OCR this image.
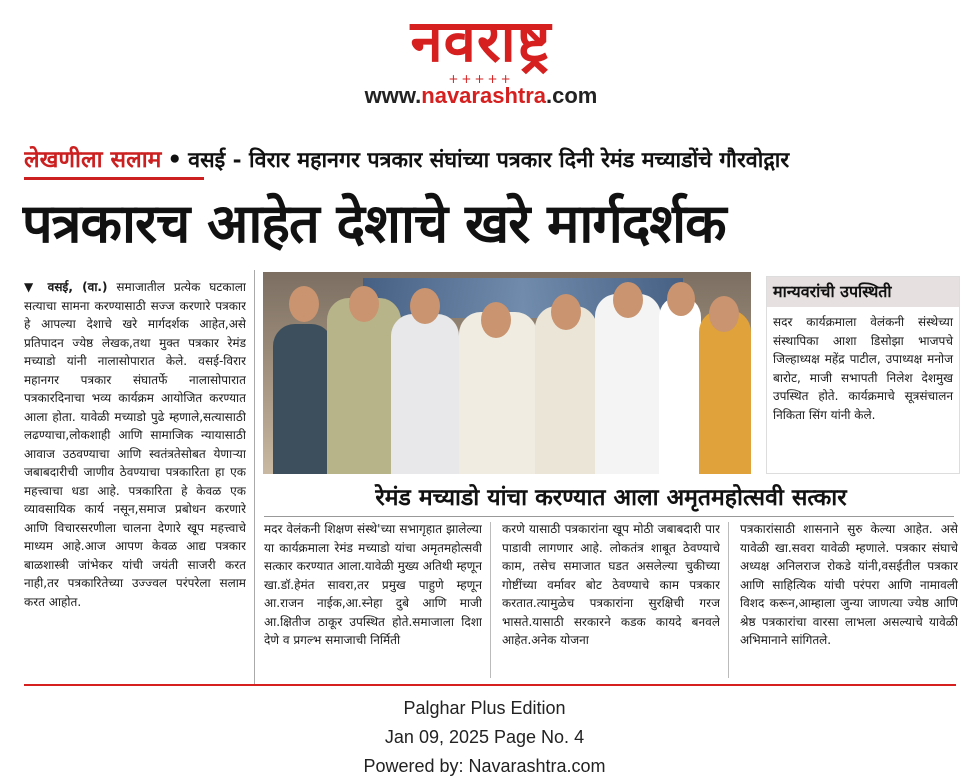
नवराष्ट्र
+++++
www.navarashtra.com
लेखणीला सलाम • वसई - विरार महानगर पत्रकार संघांच्या पत्रकार दिनी रेमंड मच्याडोंचे गौरवोद्गार
पत्रकारच आहेत देशाचे खरे मार्गदर्शक
▼ वसई, (वा.) समाजातील प्रत्येक घटकाला सत्याचा सामना करण्यासाठी सज्ज करणारे पत्रकार हे आपल्या देशाचे खरे मार्गदर्शक आहेत,असे प्रतिपादन ज्येष्ठ लेखक,तथा मुक्त पत्रकार रेमंड मच्याडो यांनी नालासोपारात केले. वसई-विरार महानगर पत्रकार संघातर्फे नालासोपारात पत्रकारदिनाचा भव्य कार्यक्रम आयोजित करण्यात आला होता. यावेळी मच्याडो पुढे म्हणाले,सत्यासाठी लढण्याचा,लोकशाही आणि सामाजिक न्यायासाठी आवाज उठवण्याचा आणि स्वतंत्रतेसोबत येणाऱ्या जबाबदारीची जाणीव ठेवण्याचा पत्रकारिता हा एक महत्त्वाचा धडा आहे. पत्रकारिता हे केवळ एक व्यावसायिक कार्य नसून,समाज प्रबोधन करणारे आणि विचारसरणीला चालना देणारे खूप महत्त्वाचे माध्यम आहे.आज आपण केवळ आद्य पत्रकार बाळशास्त्री जांभेकर यांची जयंती साजरी करत नाही,तर पत्रकारितेच्या उज्ज्वल परंपरेला सलाम करत आहोत.
मान्यवरांची उपस्थिती
सदर कार्यक्रमाला वेलंकनी संस्थेच्या संस्थापिका आशा डिसोझा भाजपचे जिल्हाध्यक्ष महेंद्र पाटील, उपाध्यक्ष मनोज बारोट, माजी सभापती निलेश देशमुख उपस्थित होते. कार्यक्रमाचे सूत्रसंचालन निकिता सिंग यांनी केले.
रेमंड मच्याडो यांचा करण्यात आला अमृतमहोत्सवी सत्कार
मदर वेलंकनी शिक्षण संस्थे'च्या सभागृहात झालेल्या या कार्यक्रमाला रेमंड मच्याडो यांचा अमृतमहोत्सवी सत्कार करण्यात आला.यावेळी मुख्य अतिथी म्हणून खा.डॉ.हेमंत सावरा,तर प्रमुख पाहुणे म्हणून आ.राजन नाईक,आ.स्नेहा दुबे आणि माजी आ.क्षितीज ठाकूर उपस्थित होते.समाजाला दिशा देणे व प्रगल्भ समाजाची निर्मिती
करणे यासाठी पत्रकारांना खूप मोठी जबाबदारी पार पाडावी लागणार आहे. लोकतंत्र शाबूत ठेवण्याचे काम, तसेच समाजात घडत असलेल्या चुकीच्या गोष्टींच्या वर्मावर बोट ठेवण्याचे काम पत्रकार करतात.त्यामुळेच पत्रकारांना सुरक्षिची गरज भासते.यासाठी सरकारने कडक कायदे बनवले आहेत.अनेक योजना
पत्रकारांसाठी शासनाने सुरु केल्या आहेत. असे यावेळी खा.सवरा यावेळी म्हणाले. पत्रकार संघाचे अध्यक्ष अनिलराज रोकडे यांनी,वसईतील पत्रकार आणि साहित्यिक यांची परंपरा आणि नामावली विशद करून,आम्हाला जुन्या जाणत्या ज्येष्ठ आणि श्रेष्ठ पत्रकारांचा वारसा लाभला असल्याचे यावेळी अभिमानाने सांगितले.
Palghar Plus Edition
Jan 09, 2025 Page No. 4
Powered by: Navarashtra.com
